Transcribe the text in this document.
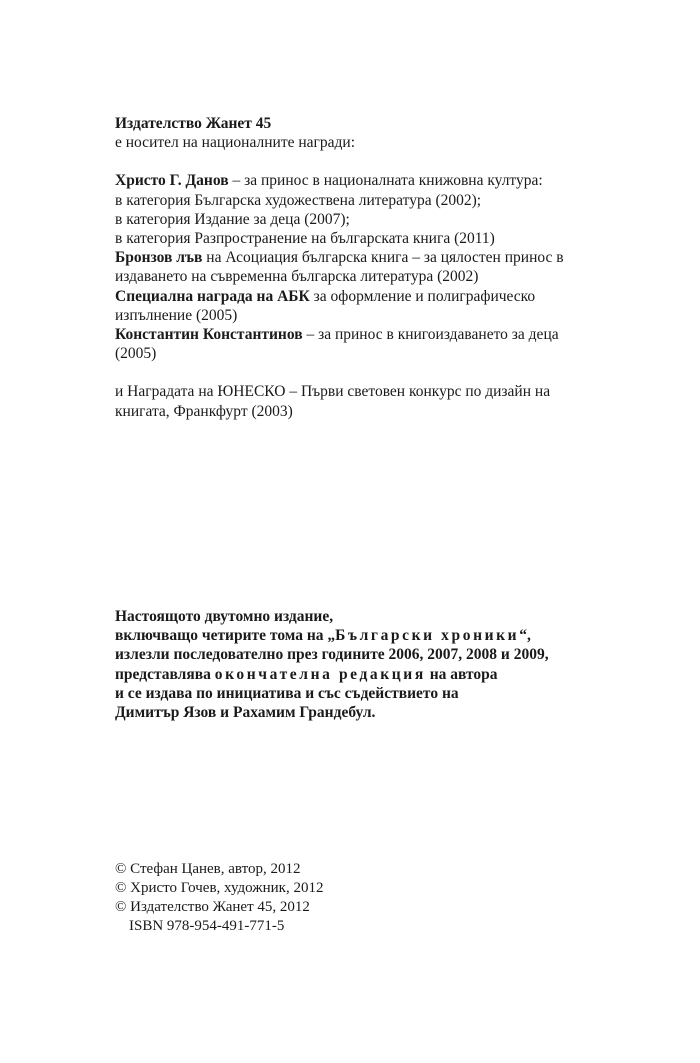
Издателство Жанет 45
е носител на националните награди:
Христо Г. Данов – за принос в националната книжовна култура:
в категория Българска художествена литература (2002);
в категория Издание за деца (2007);
в категория Разпространение на българската книга (2011)
Бронзов лъв на Асоциация българска книга – за цялостен принос в
издаването на съвременна българска литература (2002)
Специална награда на АБК за оформление и полиграфическо
изпълнение (2005)
Константин Константинов – за принос в книгоиздаването за деца
(2005)
и Наградата на ЮНЕСКО – Първи световен конкурс по дизайн на
книгата, Франкфурт (2003)
Настоящото двутомно издание,
включващо четирите тома на „Български хроники“,
излезли последователно през годините 2006, 2007, 2008 и 2009,
представлява окончателна редакция на автора
и се издава по инициатива и със съдействието на
Димитър Язов и Рахамим Грандебул.
© Стефан Цанев, автор, 2012
© Христо Гочев, художник, 2012
© Издателство Жанет 45, 2012
ISBN 978-954-491-771-5
